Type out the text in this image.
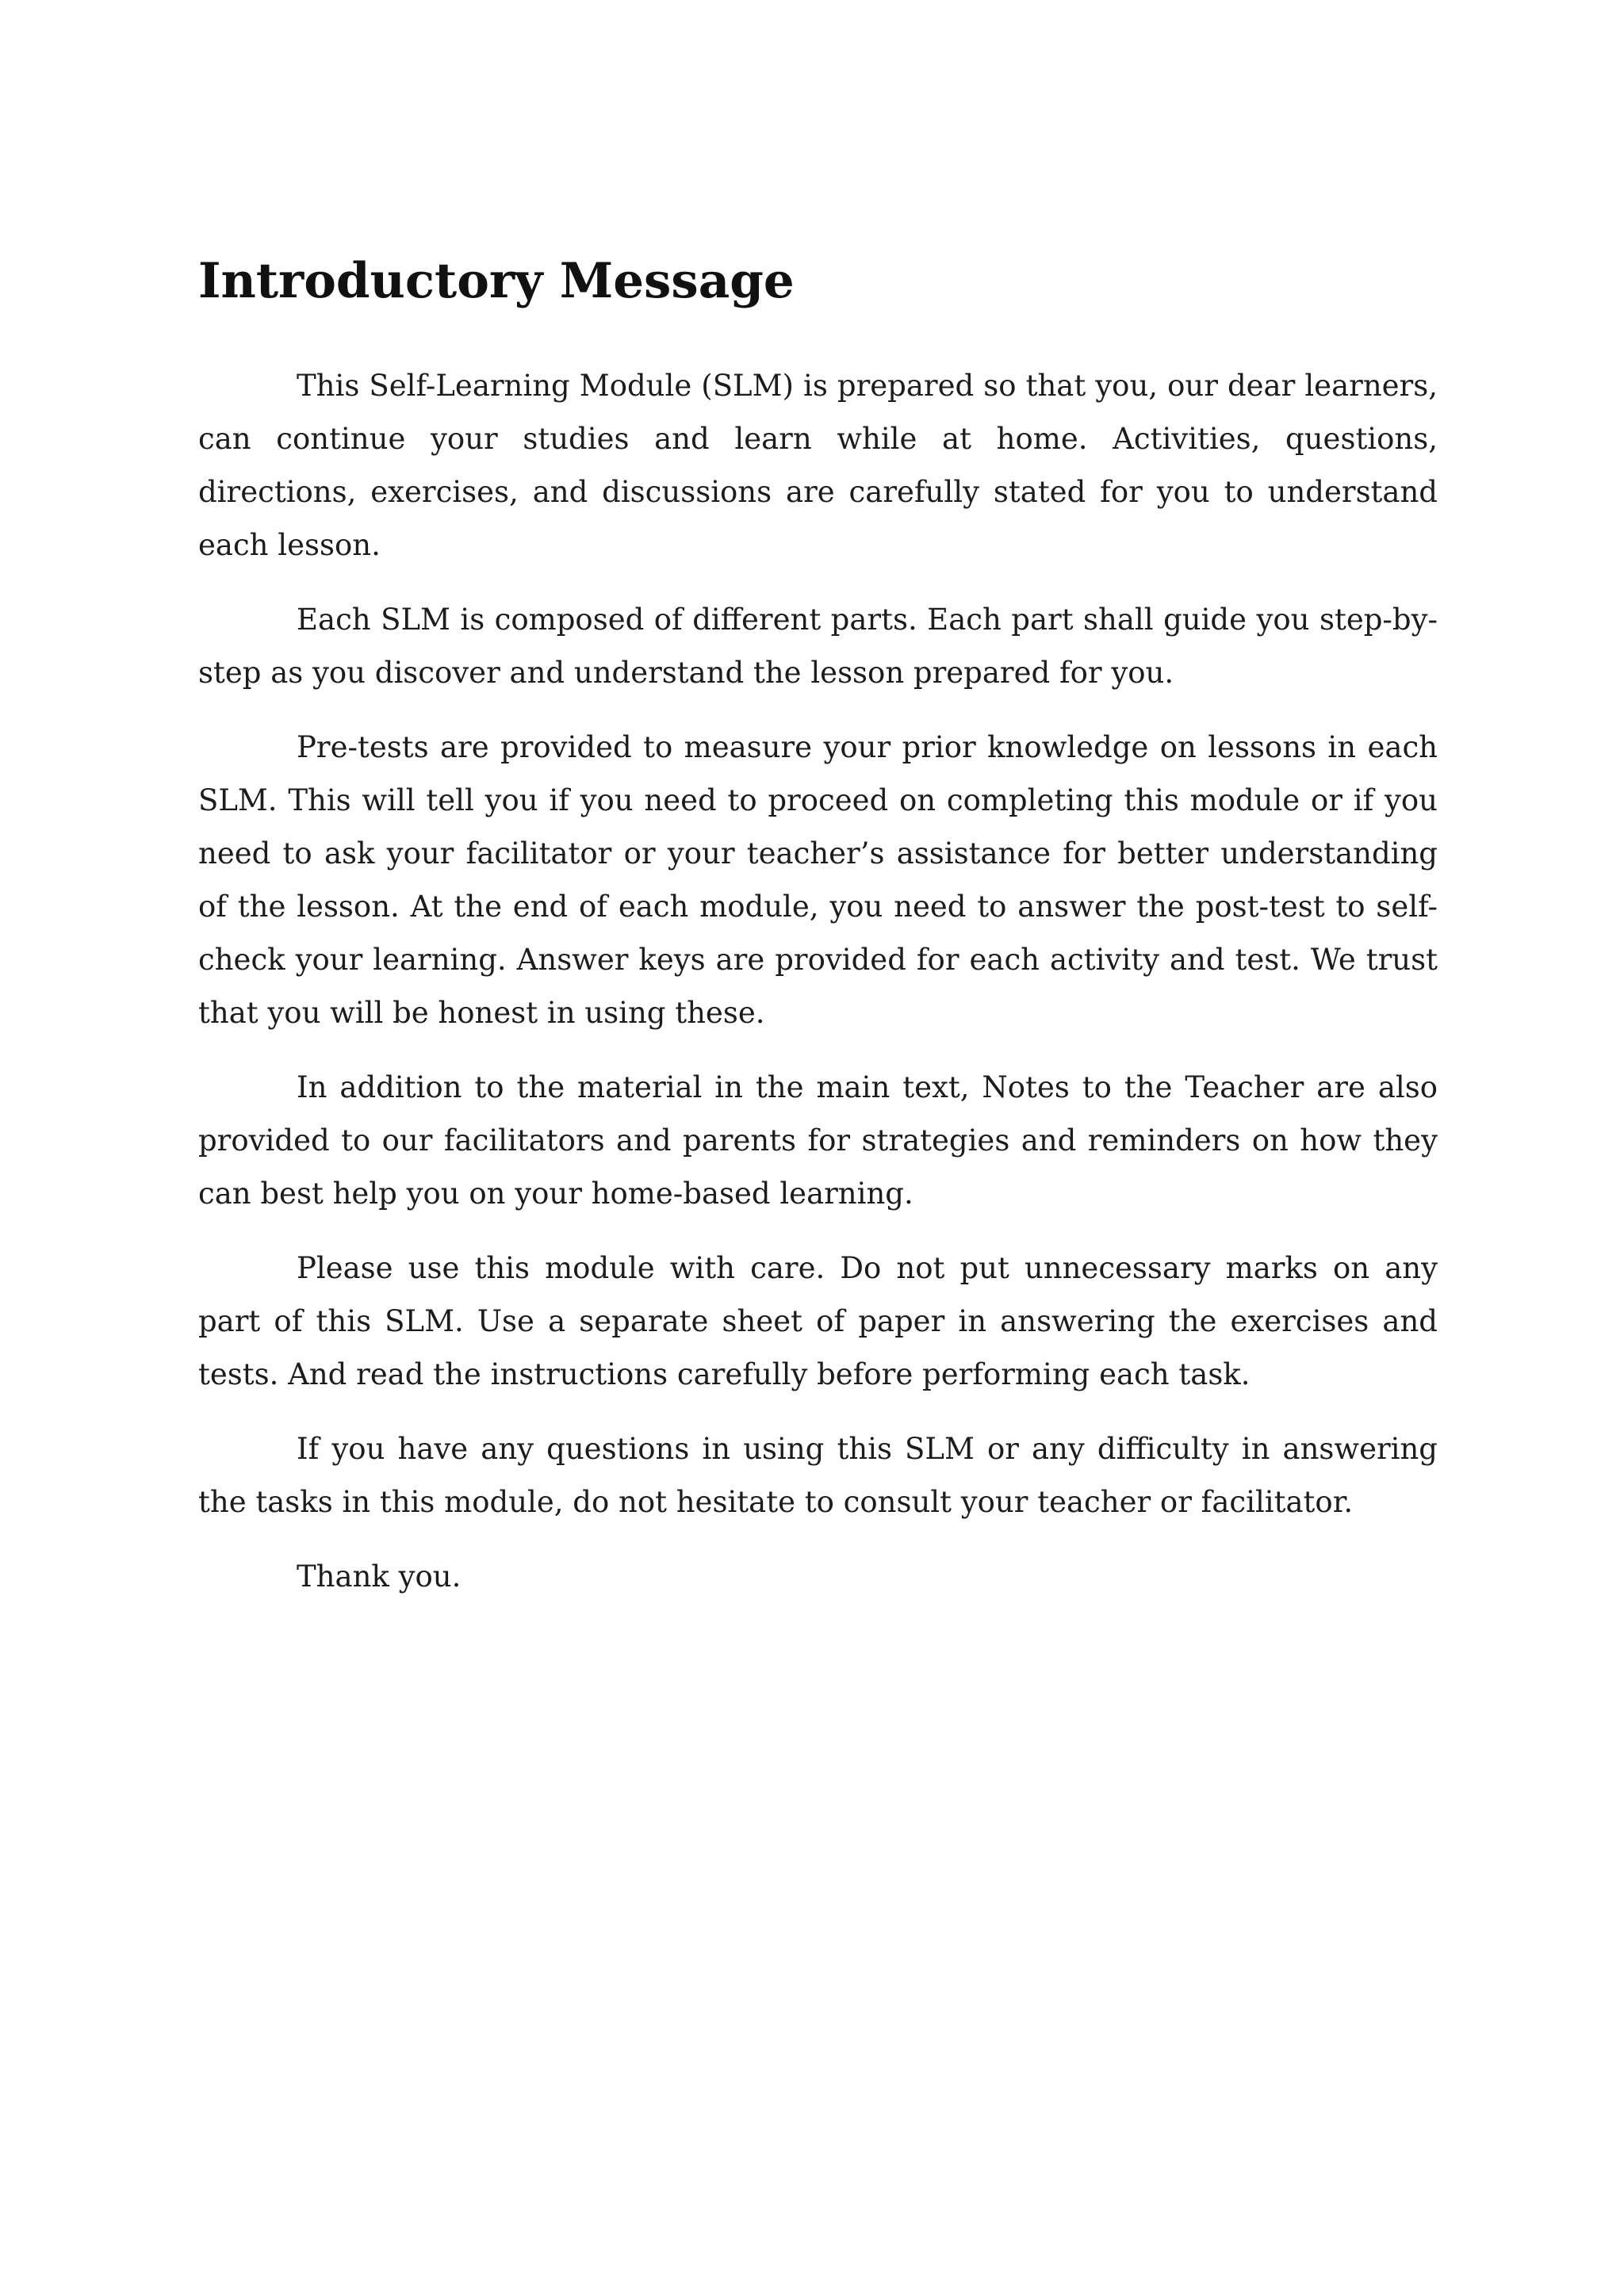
Introductory Message

This Self-Learning Module (SLM) is prepared so that you, our dear learners, can continue your studies and learn while at home. Activities, questions, directions, exercises, and discussions are carefully stated for you to understand each lesson.

Each SLM is composed of different parts. Each part shall guide you step-by-step as you discover and understand the lesson prepared for you.

Pre-tests are provided to measure your prior knowledge on lessons in each SLM. This will tell you if you need to proceed on completing this module or if you need to ask your facilitator or your teacher’s assistance for better understanding of the lesson. At the end of each module, you need to answer the post-test to self-check your learning. Answer keys are provided for each activity and test. We trust that you will be honest in using these.

In addition to the material in the main text, Notes to the Teacher are also provided to our facilitators and parents for strategies and reminders on how they can best help you on your home-based learning.

Please use this module with care. Do not put unnecessary marks on any part of this SLM. Use a separate sheet of paper in answering the exercises and tests. And read the instructions carefully before performing each task.

If you have any questions in using this SLM or any difficulty in answering the tasks in this module, do not hesitate to consult your teacher or facilitator.

Thank you.
